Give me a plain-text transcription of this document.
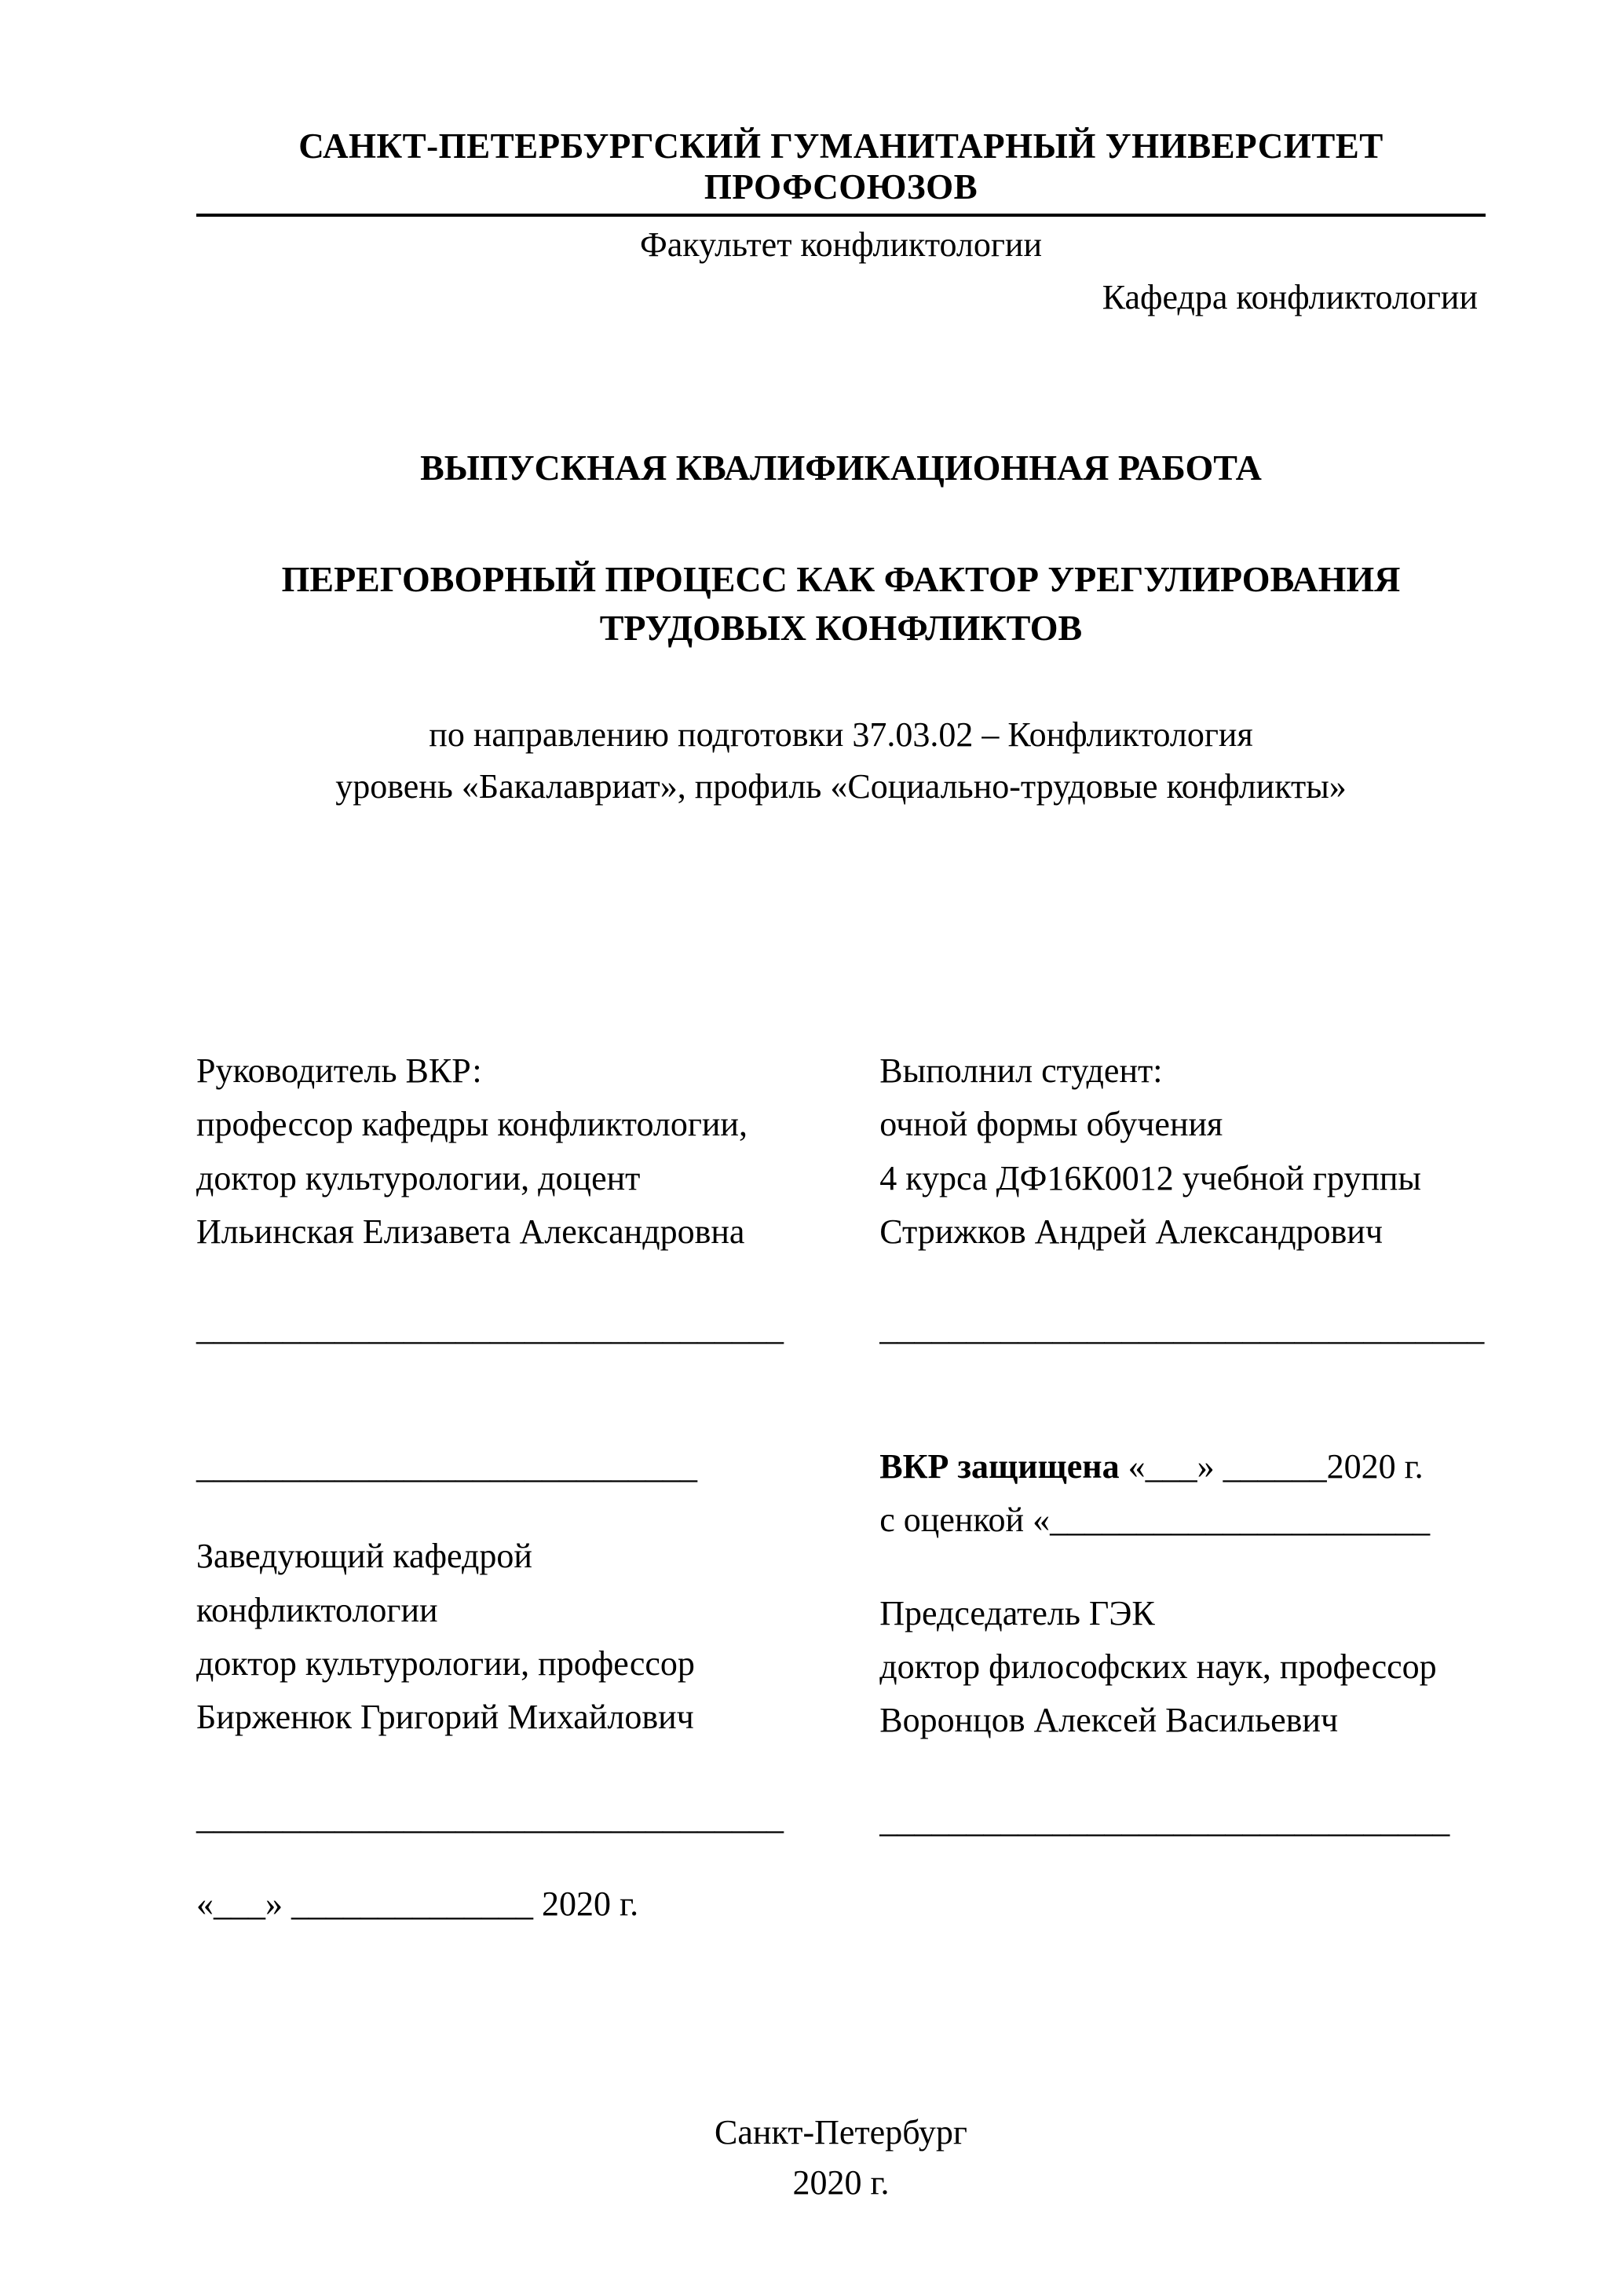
САНКТ-ПЕТЕРБУРГСКИЙ ГУМАНИТАРНЫЙ УНИВЕРСИТЕТ ПРОФСОЮЗОВ
Факультет конфликтологии
Кафедра конфликтологии
ВЫПУСКНАЯ КВАЛИФИКАЦИОННАЯ РАБОТА
ПЕРЕГОВОРНЫЙ ПРОЦЕСС КАК ФАКТОР УРЕГУЛИРОВАНИЯ
ТРУДОВЫХ КОНФЛИКТОВ
по направлению подготовки 37.03.02 – Конфликтология
уровень «Бакалавриат», профиль «Социально-трудовые конфликты»
Руководитель ВКР:
профессор кафедры конфликтологии,
доктор культурологии, доцент
Ильинская Елизавета Александровна
Выполнил студент:
очной формы обучения
4 курса ДФ16К0012 учебной группы
Стрижков Андрей Александрович
__________________________________	___________________________________
_____________________________
Заведующий кафедрой
конфликтологии
доктор культурологии, профессор
Бирженюк Григорий Михайлович
__________________________________
«___» ______________ 2020 г.
ВКР защищена «___» ______2020 г.
с оценкой «______________________
Председатель ГЭК
доктор философских наук, профессор
Воронцов Алексей Васильевич
_________________________________
Санкт-Петербург
2020 г.
